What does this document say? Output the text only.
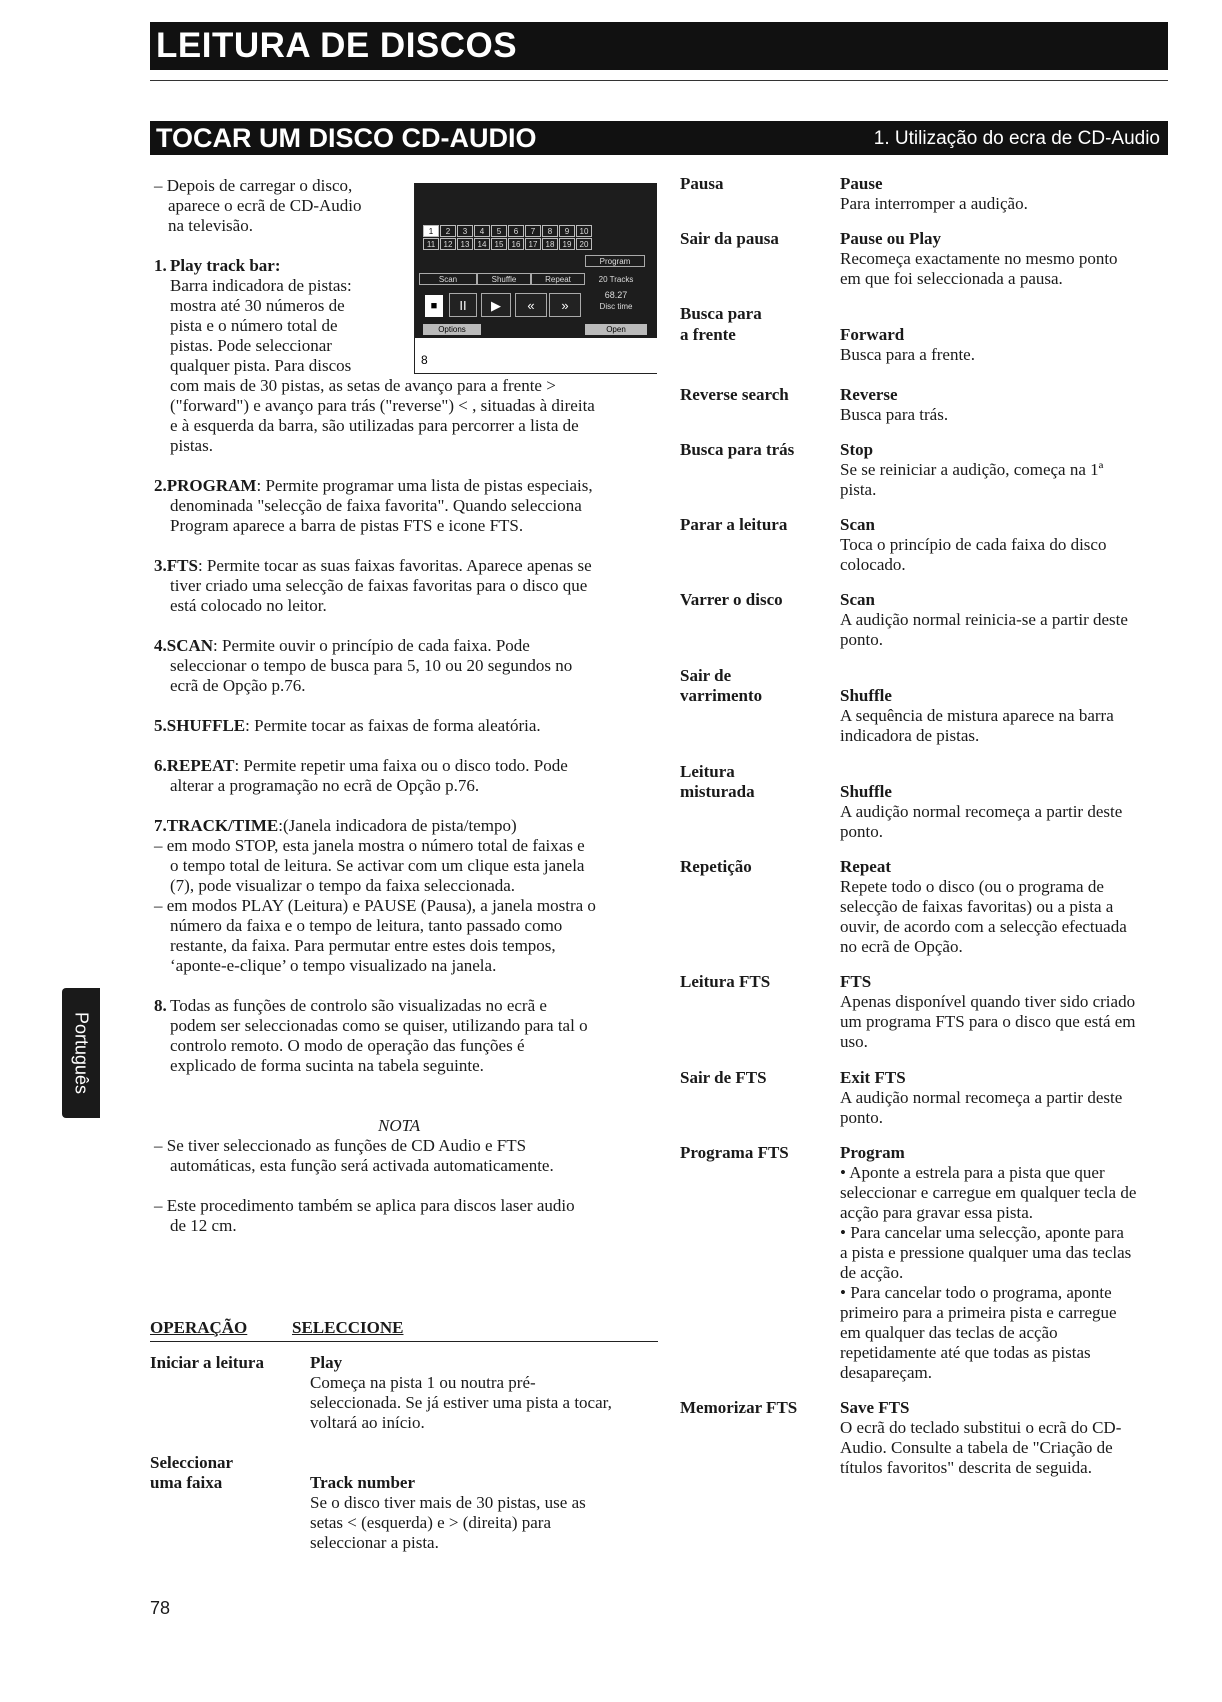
LEITURA DE DISCOS
TOCAR UM DISCO CD-AUDIO	1. Utilização do ecra de CD-Audio
Português
– Depois de carregar o disco,
aparece o ecrã de CD-Audio
na televisão.	1	2	3	4	5	6	7	8	9	10
11	12	13	14	15	16	17	18	19	20
Program
Scan	Shuffle	Repeat	20 Tracks
■	II	▶	«	»
68.27
Disc time
Options	Open
8
1. Play track bar:
Barra indicadora de pistas:
mostra até 30 números de
pista e o número total de
pistas. Pode seleccionar
qualquer pista. Para discos
com mais de 30 pistas, as setas de avanço para a frente >
("forward") e avanço para trás ("reverse") < , situadas à direita
e à esquerda da barra, são utilizadas para percorrer a lista de
pistas.
2.PROGRAM: Permite programar uma lista de pistas especiais,
denominada "selecção de faixa favorita". Quando selecciona
Program aparece a barra de pistas FTS e icone FTS.
3.FTS: Permite tocar as suas faixas favoritas. Aparece apenas se
tiver criado uma selecção de faixas favoritas para o disco que
está colocado no leitor.
4.SCAN: Permite ouvir o princípio de cada faixa. Pode
seleccionar o tempo de busca para 5, 10 ou 20 segundos no
ecrã de Opção p.76.
5.SHUFFLE: Permite tocar as faixas de forma aleatória.
6.REPEAT: Permite repetir uma faixa ou o disco todo. Pode
alterar a programação no ecrã de Opção p.76.
7.TRACK/TIME:(Janela indicadora de pista/tempo)
– em modo STOP, esta janela mostra o número total de faixas e
o tempo total de leitura. Se activar com um clique esta janela
(7), pode visualizar o tempo da faixa seleccionada.
– em modos PLAY (Leitura) e PAUSE (Pausa), a janela mostra o
número da faixa e o tempo de leitura, tanto passado como
restante, da faixa. Para permutar entre estes dois tempos,
‘aponte-e-clique’ o tempo visualizado na janela.
8. Todas as funções de controlo são visualizadas no ecrã e
podem ser seleccionadas como se quiser, utilizando para tal o
controlo remoto. O modo de operação das funções é
explicado de forma sucinta na tabela seguinte.
NOTA
– Se tiver seleccionado as funções de CD Audio e FTS
automáticas, esta função será activada automaticamente.
– Este procedimento também se aplica para discos laser audio
de 12 cm.
OPERAÇÃO	SELECCIONE
Iniciar a leitura	Play
Começa na pista 1 ou noutra pré-
seleccionada. Se já estiver uma pista a tocar,
voltará ao início.
Seleccionar
uma faixa	Track number
Se o disco tiver mais de 30 pistas, use as
setas < (esquerda) e > (direita) para
seleccionar a pista.
Pausa	Pause
Para interromper a audição.
Sair da pausa	Pause ou Play
Recomeça exactamente no mesmo ponto
em que foi seleccionada a pausa.
Busca para
a frente	Forward
Busca para a frente.
Reverse search	Reverse
Busca para trás.
Busca para trás	Stop
Se se reiniciar a audição, começa na 1ª
pista.
Parar a leitura	Scan
Toca o princípio de cada faixa do disco
colocado.
Varrer o disco	Scan
A audição normal reinicia-se a partir deste
ponto.
Sair de
varrimento	Shuffle
A sequência de mistura aparece na barra
indicadora de pistas.
Leitura
misturada	Shuffle
A audição normal recomeça a partir deste
ponto.
Repetição	Repeat
Repete todo o disco (ou o programa de
selecção de faixas favoritas) ou a pista a
ouvir, de acordo com a selecção efectuada
no ecrã de Opção.
Leitura FTS	FTS
Apenas disponível quando tiver sido criado
um programa FTS para o disco que está em
uso.
Sair de FTS	Exit FTS
A audição normal recomeça a partir deste
ponto.
Programa FTS	Program
• Aponte a estrela para a pista que quer
seleccionar e carregue em qualquer tecla de
acção para gravar essa pista.
• Para cancelar uma selecção, aponte para
a pista e pressione qualquer uma das teclas
de acção.
• Para cancelar todo o programa, aponte
primeiro para a primeira pista e carregue
em qualquer das teclas de acção
repetidamente até que todas as pistas
desapareçam.
Memorizar FTS	Save FTS
O ecrã do teclado substitui o ecrã do CD-
Audio. Consulte a tabela de "Criação de
títulos favoritos" descrita de seguida.
78
